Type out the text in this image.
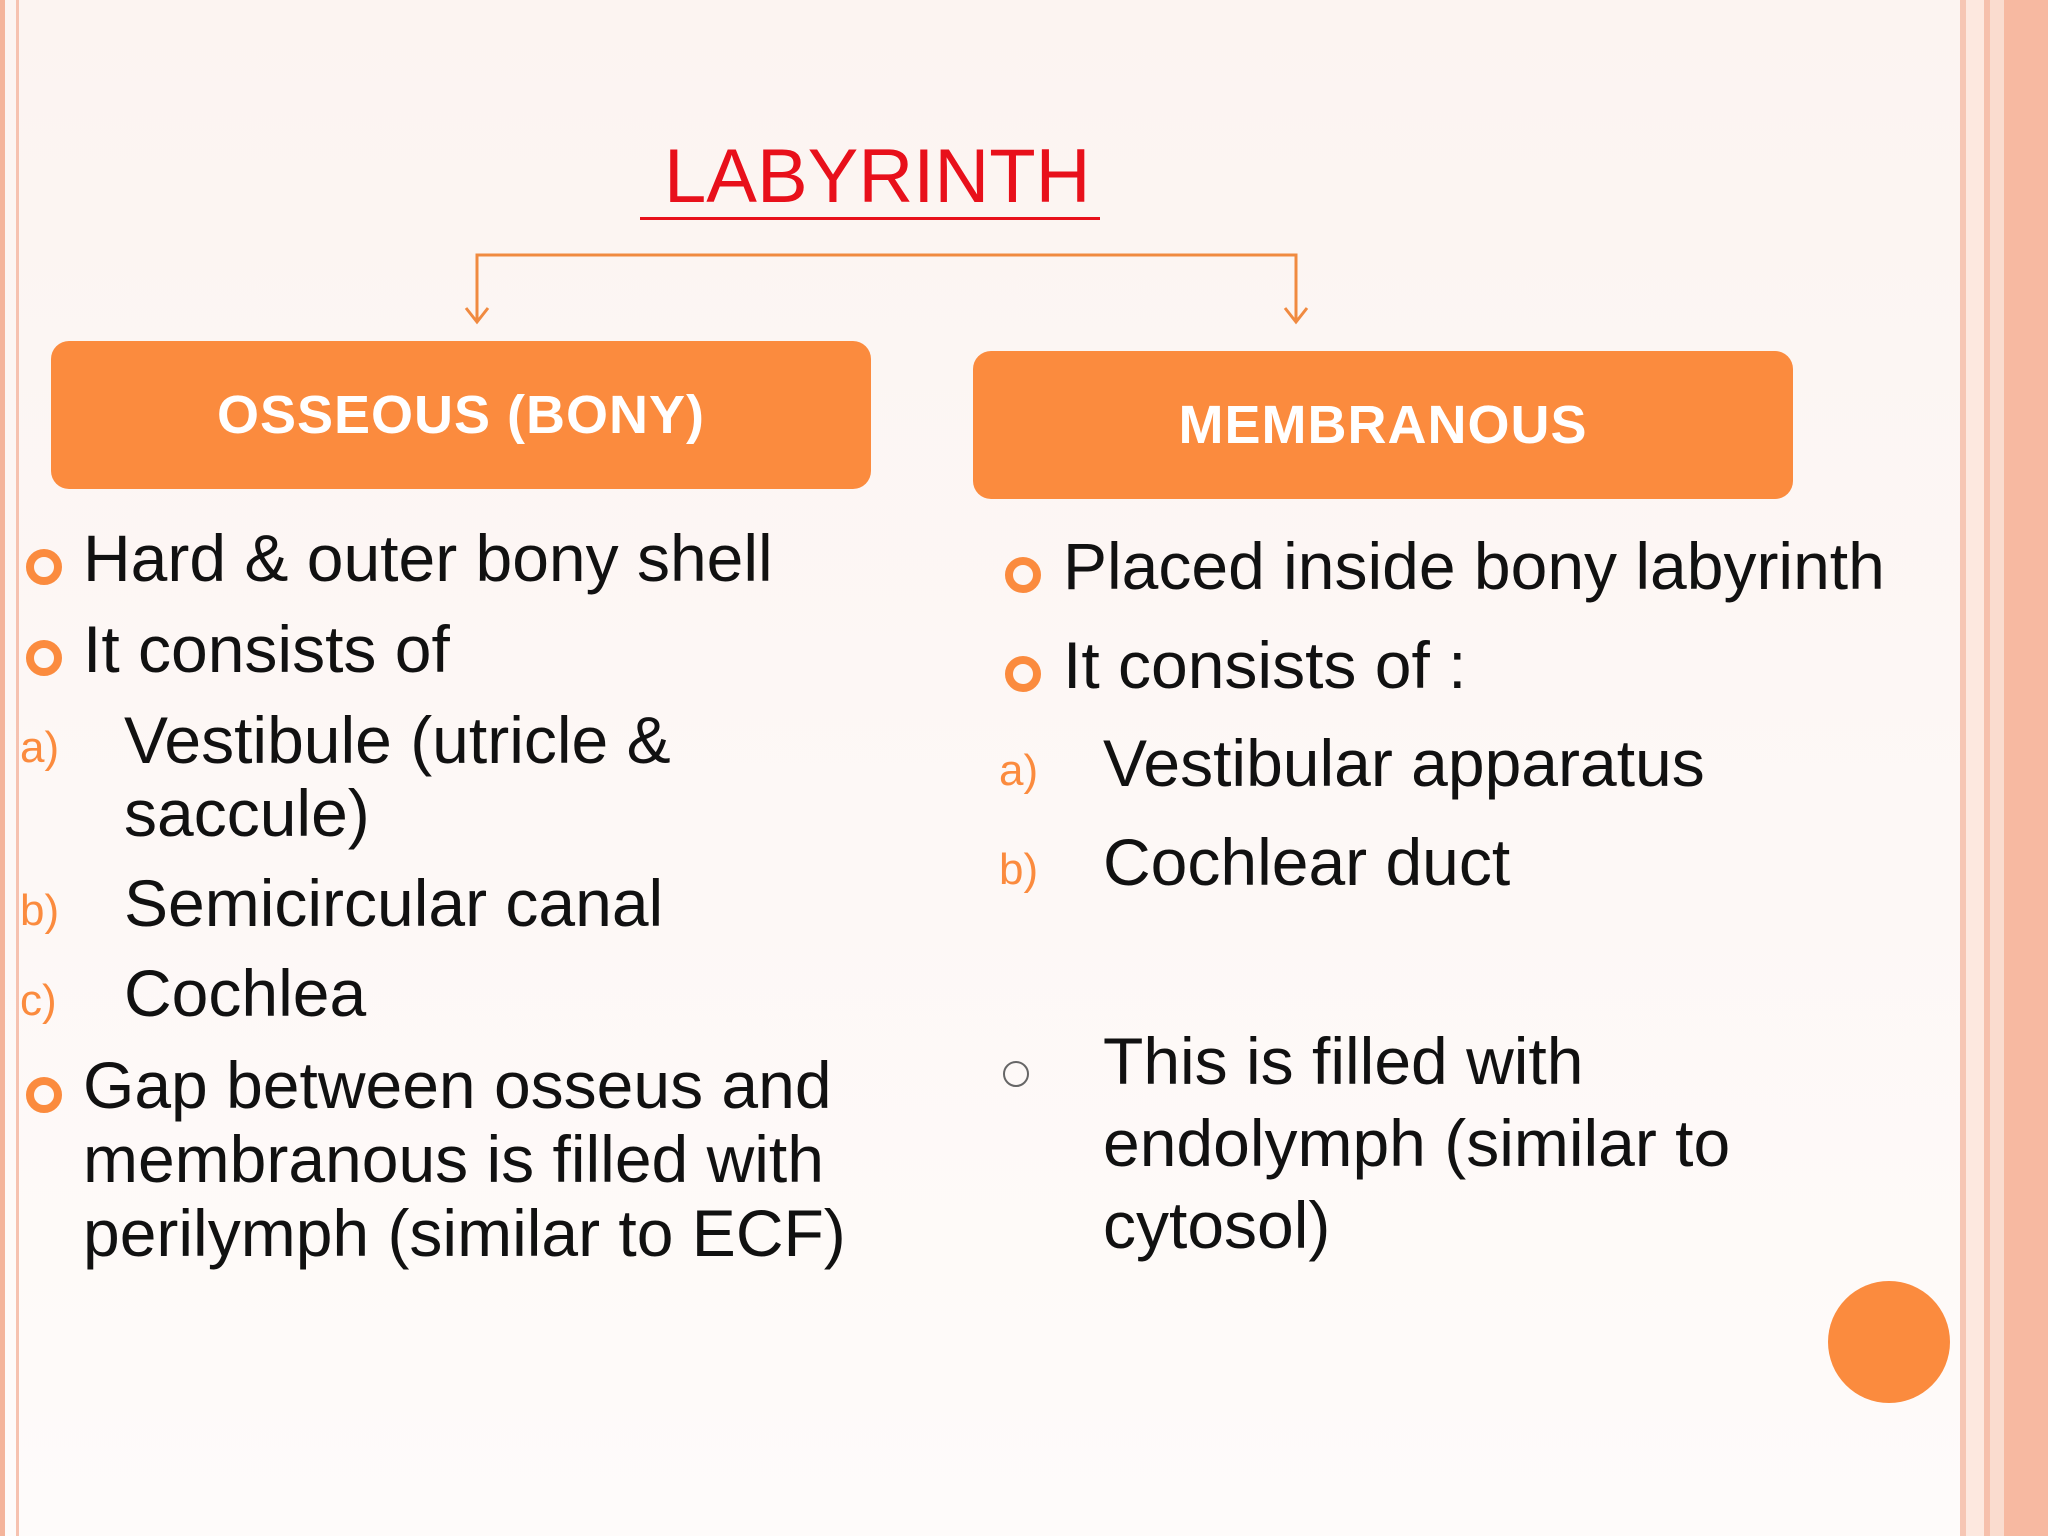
LABYRINTH
OSSEOUS (BONY)	MEMBRANOUS
Hard & outer bony shell
It consists of
a) Vestibule (utricle &
saccule)
b) Semicircular canal
c) Cochlea
Gap between osseus and
membranous is filled with
perilymph (similar to ECF)
Placed inside bony labyrinth
It consists of :
a) Vestibular apparatus
b) Cochlear duct
This is filled with
endolymph (similar to
cytosol)
